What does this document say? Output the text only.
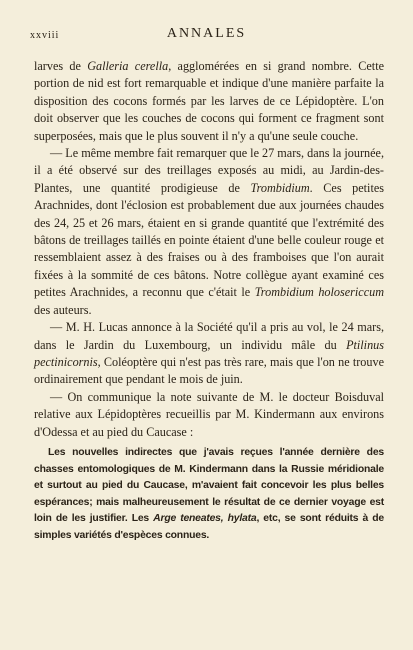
xxviii	ANNALES

larves de Galleria cerella, agglomérées en si grand nombre. Cette portion de nid est fort remarquable et indique d'une manière parfaite la disposition des cocons formés par les larves de ce Lépidoptère. L'on doit observer que les couches de cocons qui forment ce fragment sont superposées, mais que le plus souvent il n'y a qu'une seule couche.

— Le même membre fait remarquer que le 27 mars, dans la journée, il a été observé sur des treillages exposés au midi, au Jardin-des-Plantes, une quantité prodigieuse de Trombidium. Ces petites Arachnides, dont l'éclosion est probablement due aux journées chaudes des 24, 25 et 26 mars, étaient en si grande quantité que l'extrémité des bâtons de treillages taillés en pointe étaient d'une belle couleur rouge et ressemblaient assez à des fraises ou à des framboises que l'on aurait fixées à la sommité de ces bâtons. Notre collègue ayant examiné ces petites Arachnides, a reconnu que c'était le Trombidium holosericcum des auteurs.

— M. H. Lucas annonce à la Société qu'il a pris au vol, le 24 mars, dans le Jardin du Luxembourg, un individu mâle du Ptilinus pectinicornis, Coléoptère qui n'est pas très rare, mais que l'on ne trouve ordinairement que pendant le mois de juin.

— On communique la note suivante de M. le docteur Boisduval relative aux Lépidoptères recueillis par M. Kindermann aux environs d'Odessa et au pied du Caucase :

Les nouvelles indirectes que j'avais reçues l'année dernière des chasses entomologiques de M. Kindermann dans la Russie méridionale et surtout au pied du Caucase, m'avaient fait concevoir les plus belles espérances; mais malheureusement le résultat de ce dernier voyage est loin de les justifier. Les Arge teneates, hylata, etc, se sont réduits à de simples variétés d'espèces connues.
